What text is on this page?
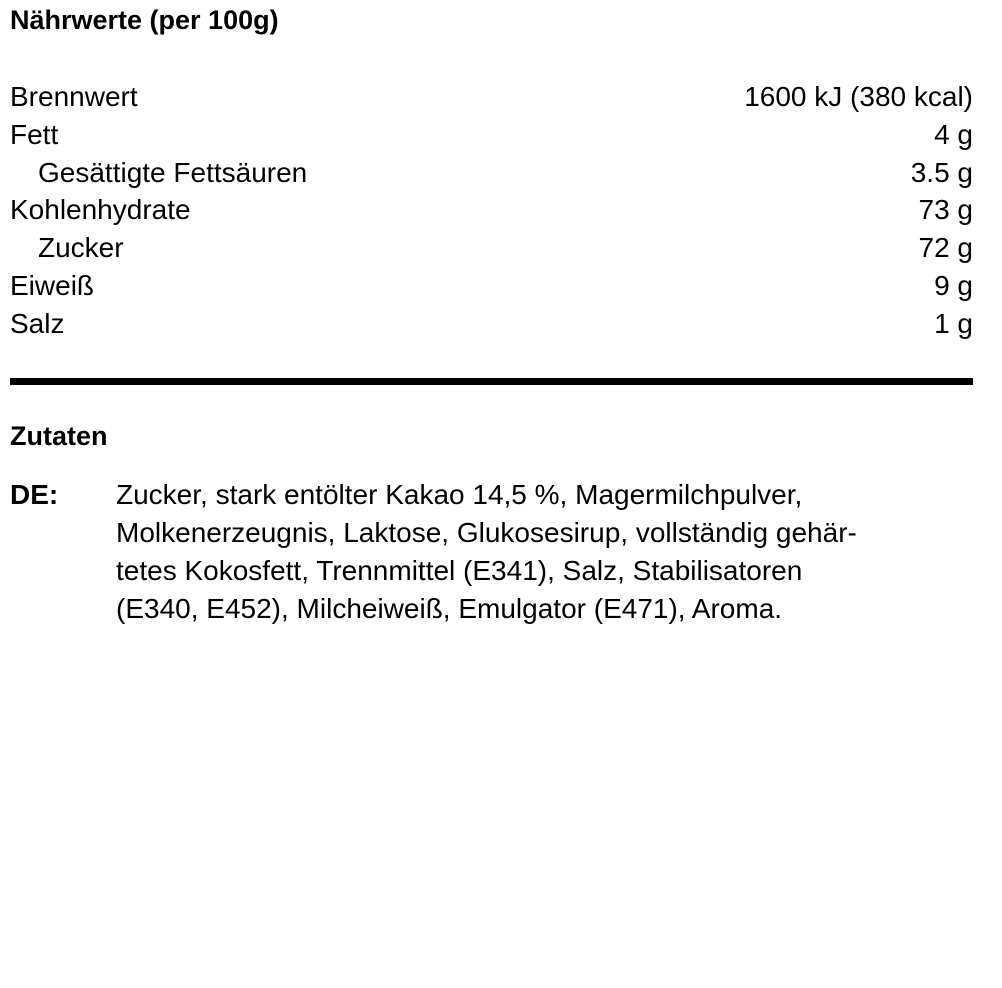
Nährwerte (per 100g)
Brennwert	1600 kJ (380 kcal)
Fett	4 g
Gesättigte Fettsäuren	3.5 g
Kohlenhydrate	73 g
Zucker	72 g
Eiweiß	9 g
Salz	1 g
Zutaten
DE: Zucker, stark entölter Kakao 14,5 %, Magermilchpulver,
Molkenerzeugnis, Laktose, Glukosesirup, vollständig gehär-
tetes Kokosfett, Trennmittel (E341), Salz, Stabilisatoren
(E340, E452), Milcheiweiß, Emulgator (E471), Aroma.
